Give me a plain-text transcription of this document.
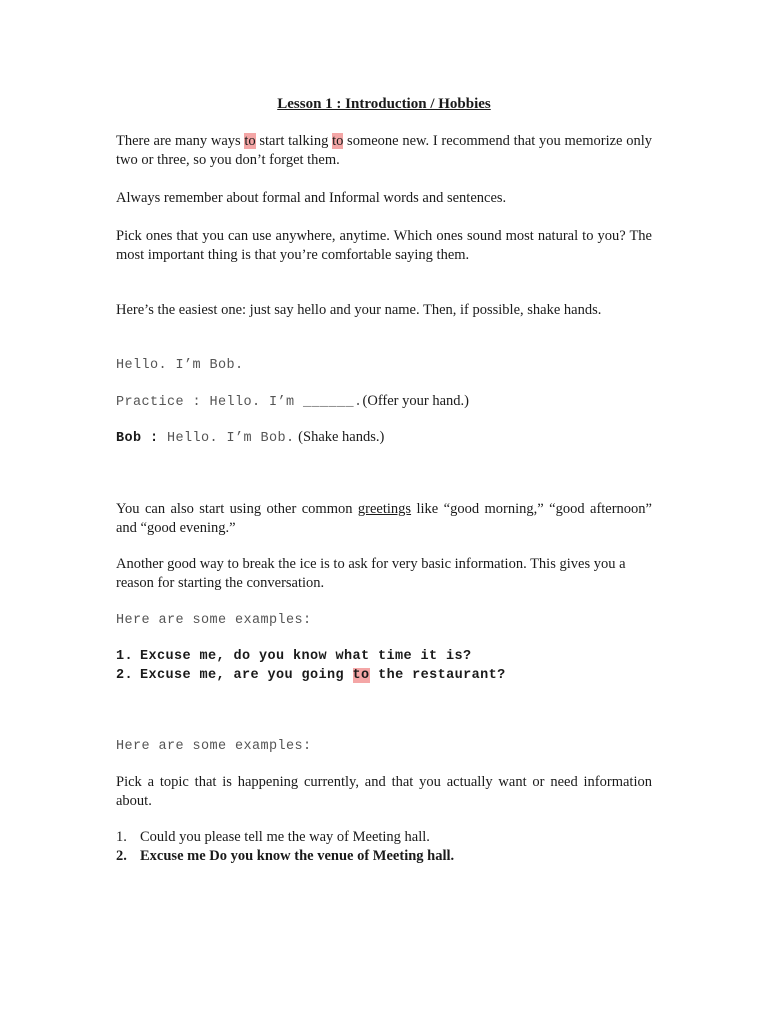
Lesson 1 : Introduction / Hobbies

There are many ways to start talking to someone new. I recommend that you memorize only two or three, so you don’t forget them.

Always remember about formal and Informal words and sentences.

Pick ones that you can use anywhere, anytime. Which ones sound most natural to you? The most important thing is that you’re comfortable saying them.

Here’s the easiest one: just say hello and your name. Then, if possible, shake hands.

Hello. I’m Bob.

Practice : Hello. I’m ______.(Offer your hand.)

Bob : Hello. I’m Bob. (Shake hands.)

You can also start using other common greetings like “good morning,” “good afternoon” and “good evening.”

Another good way to break the ice is to ask for very basic information. This gives you a reason for starting the conversation.

Here are some examples:

1. Excuse me, do you know what time it is?
2. Excuse me, are you going to the restaurant?

Here are some examples:

Pick a topic that is happening currently, and that you actually want or need information about.

1. Could you please tell me the way of Meeting hall.
2. Excuse me Do you know the venue of Meeting hall.
